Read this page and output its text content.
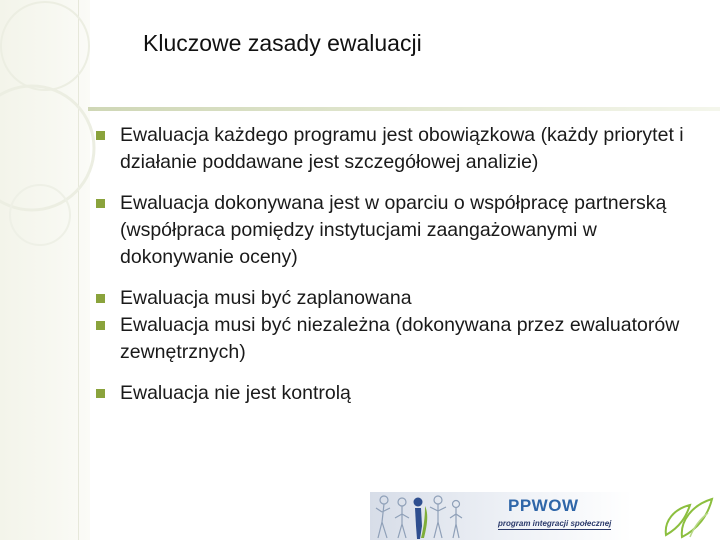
Kluczowe zasady ewaluacji
Ewaluacja każdego programu jest obowiązkowa (każdy priorytet i działanie poddawane jest szczegółowej analizie)
Ewaluacja dokonywana jest w oparciu o współpracę partnerską (współpraca pomiędzy instytucjami zaangażowanymi w dokonywanie oceny)
Ewaluacja musi być zaplanowana
Ewaluacja musi być niezależna (dokonywana przez ewaluatorów zewnętrznych)
Ewaluacja nie jest kontrolą
PPWOW
program integracji społecznej
